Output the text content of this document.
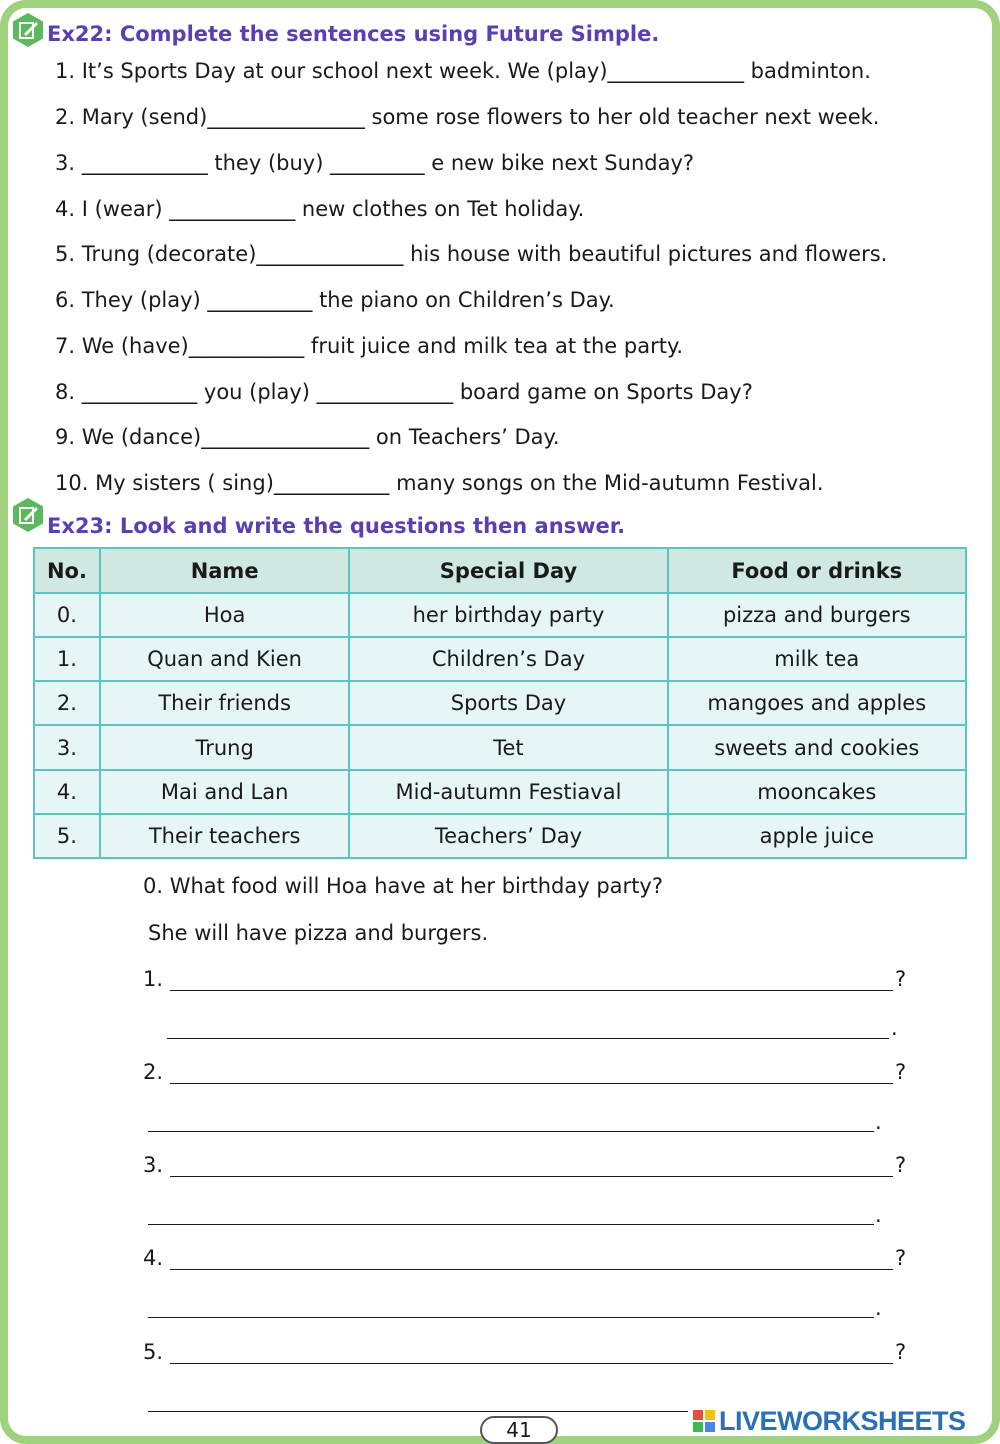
Ex22: Complete the sentences using Future Simple.
1. It’s Sports Day at our school next week. We (play)_____________ badminton.
2. Mary (send)_______________ some rose flowers to her old teacher next week.
3. ____________ they (buy) _________ e new bike next Sunday?
4. I (wear) ____________ new clothes on Tet holiday.
5. Trung (decorate)______________ his house with beautiful pictures and flowers.
6. They (play) __________ the piano on Children’s Day.
7. We (have)___________ fruit juice and milk tea at the party.
8. ___________ you (play) _____________ board game on Sports Day?
9. We (dance)________________ on Teachers’ Day.
10. My sisters ( sing)___________ many songs on the Mid-autumn Festival.
Ex23: Look and write the questions then answer.
No.	Name	Special Day	Food or drinks
0.	Hoa	her birthday party	pizza and burgers
1.	Quan and Kien	Children’s Day	milk tea
2.	Their friends	Sports Day	mangoes and apples
3.	Trung	Tet	sweets and cookies
4.	Mai and Lan	Mid-autumn Festiaval	mooncakes
5.	Their teachers	Teachers’ Day	apple juice
0. What food will Hoa have at her birthday party?
She will have pizza and burgers.
1.	?
.
2.	?
.
3.	?
.
4.	?
.
5.	?
41	LIVEWORKSHEETS
